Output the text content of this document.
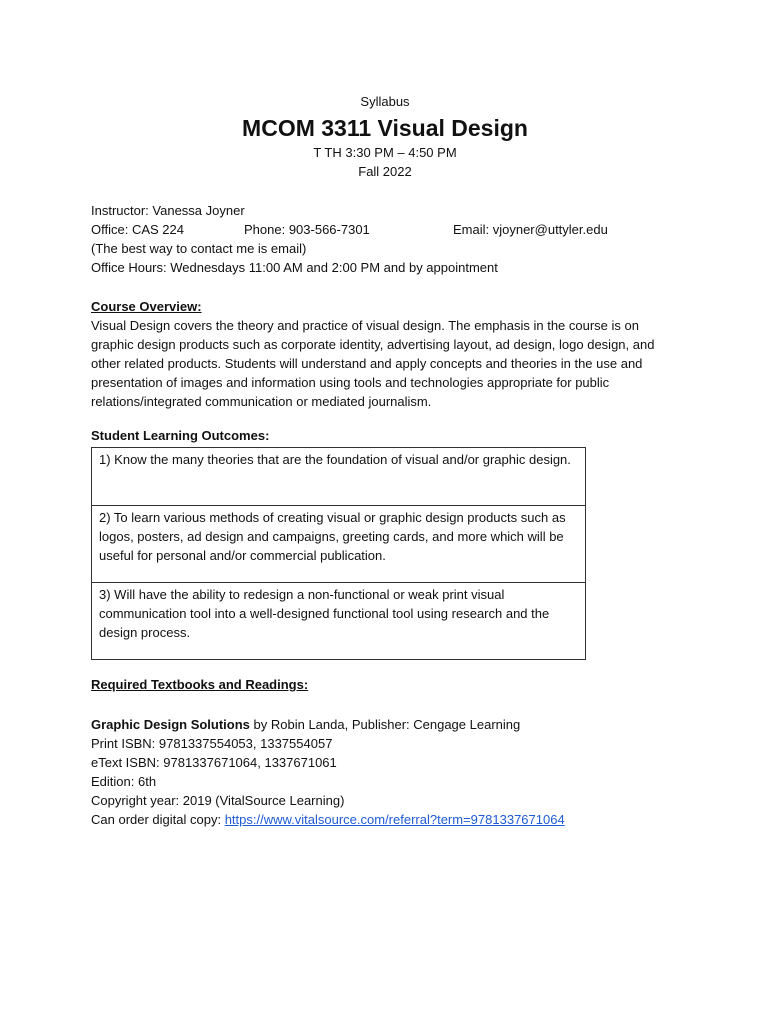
Syllabus
MCOM 3311 Visual Design
T TH 3:30 PM – 4:50 PM
Fall 2022
Instructor: Vanessa Joyner
Office: CAS 224	Phone: 903-566-7301	Email: vjoyner@uttyler.edu
(The best way to contact me is email)
Office Hours: Wednesdays 11:00 AM and 2:00 PM and by appointment
Course Overview:

Visual Design covers the theory and practice of visual design. The emphasis in the course is on graphic design products such as corporate identity, advertising layout, ad design, logo design, and other related products. Students will understand and apply concepts and theories in the use and presentation of images and information using tools and technologies appropriate for public relations/integrated communication or mediated journalism.

Student Learning Outcomes:
1) Know the many theories that are the foundation of visual and/or graphic design.
2) To learn various methods of creating visual or graphic design products such as logos, posters, ad design and campaigns, greeting cards, and more which will be useful for personal and/or commercial publication.
3) Will have the ability to redesign a non-functional or weak print visual communication tool into a well-designed functional tool using research and the design process.
Required Textbooks and Readings:
Graphic Design Solutions by Robin Landa, Publisher: Cengage Learning
Print ISBN: 9781337554053, 1337554057
eText ISBN: 9781337671064, 1337671061
Edition: 6th
Copyright year: 2019 (VitalSource Learning)
Can order digital copy: https://www.vitalsource.com/referral?term=9781337671064
